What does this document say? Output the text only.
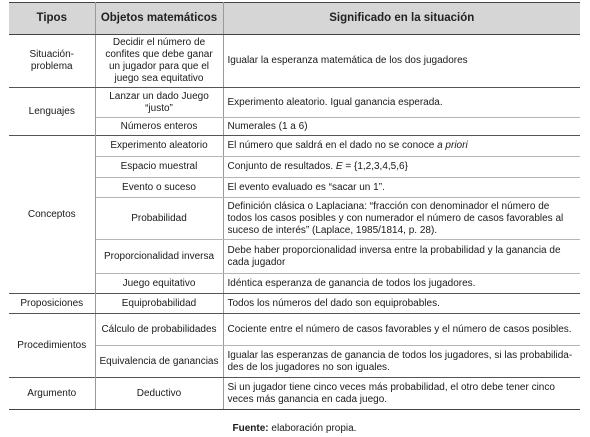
Tipos	Objetos matemáticos	Significado en la situación
Situación-problema	Decidir el número de confites que debe ganar un jugador para que el juego sea equitativo	Igualar la esperanza matemática de los dos jugadores
Lenguajes	Lanzar un dado Juego “justo”	Experimento aleatorio. Igual ganancia esperada.
	Números enteros	Numerales (1 a 6)
Conceptos	Experimento aleatorio	El número que saldrá en el dado no se conoce a priori
	Espacio muestral	Conjunto de resultados. E = {1,2,3,4,5,6}
	Evento o suceso	El evento evaluado es “sacar un 1”.
	Probabilidad	Definición clásica o Laplaciana: “fracción con denominador el número de todos los casos posibles y con numerador el número de casos favorables al suceso de interés” (Laplace, 1985/1814, p. 28).
	Proporcionalidad inversa	Debe haber proporcionalidad inversa entre la probabilidad y la ganancia de cada jugador
	Juego equitativo	Idéntica esperanza de ganancia de todos los jugadores.
Proposiciones	Equiprobabilidad	Todos los números del dado son equiprobables.
Procedimientos	Cálculo de probabilidades	Cociente entre el número de casos favorables y el número de casos posibles.
	Equivalencia de ganancias	Igualar las esperanzas de ganancia de todos los jugadores, si las probabilida-des de los jugadores no son iguales.
Argumento	Deductivo	Si un jugador tiene cinco veces más probabilidad, el otro debe tener cinco veces más ganancia en cada juego.
Fuente: elaboración propia.
